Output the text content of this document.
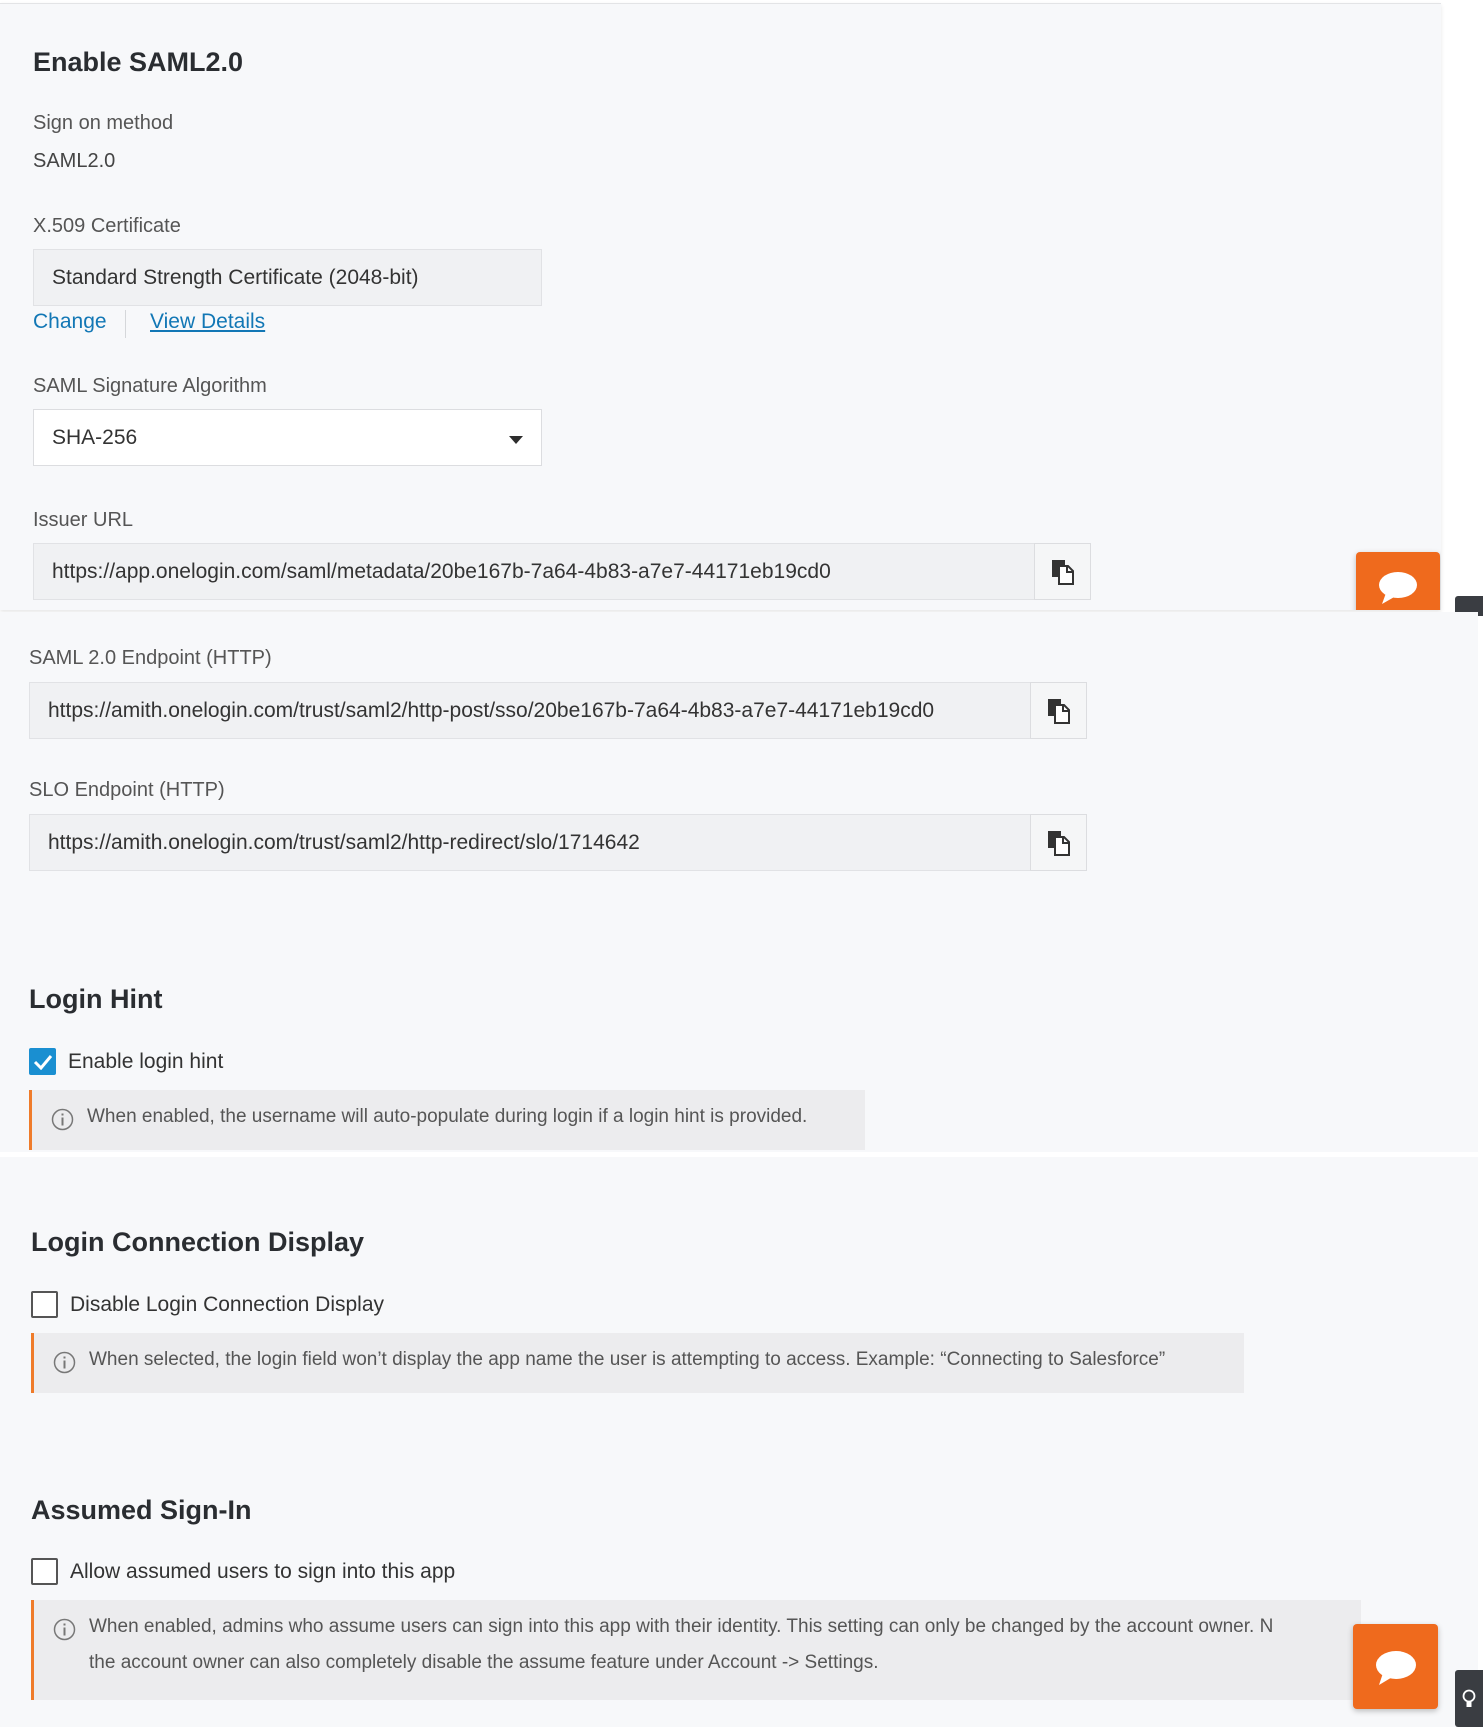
Enable SAML2.0
Sign on method
SAML2.0
X.509 Certificate
Standard Strength Certificate (2048-bit)
Change View Details
SAML Signature Algorithm
SHA-256
Issuer URL
https://app.onelogin.com/saml/metadata/20be167b-7a64-4b83-a7e7-44171eb19cd0
SAML 2.0 Endpoint (HTTP)
https://amith.onelogin.com/trust/saml2/http-post/sso/20be167b-7a64-4b83-a7e7-44171eb19cd0
SLO Endpoint (HTTP)
https://amith.onelogin.com/trust/saml2/http-redirect/slo/1714642
Login Hint
Enable login hint
When enabled, the username will auto-populate during login if a login hint is provided.
Login Connection Display
Disable Login Connection Display
When selected, the login field won’t display the app name the user is attempting to access. Example: “Connecting to Salesforce”
Assumed Sign-In
Allow assumed users to sign into this app
When enabled, admins who assume users can sign into this app with their identity. This setting can only be changed by the account owner. N
the account owner can also completely disable the assume feature under Account -> Settings.
